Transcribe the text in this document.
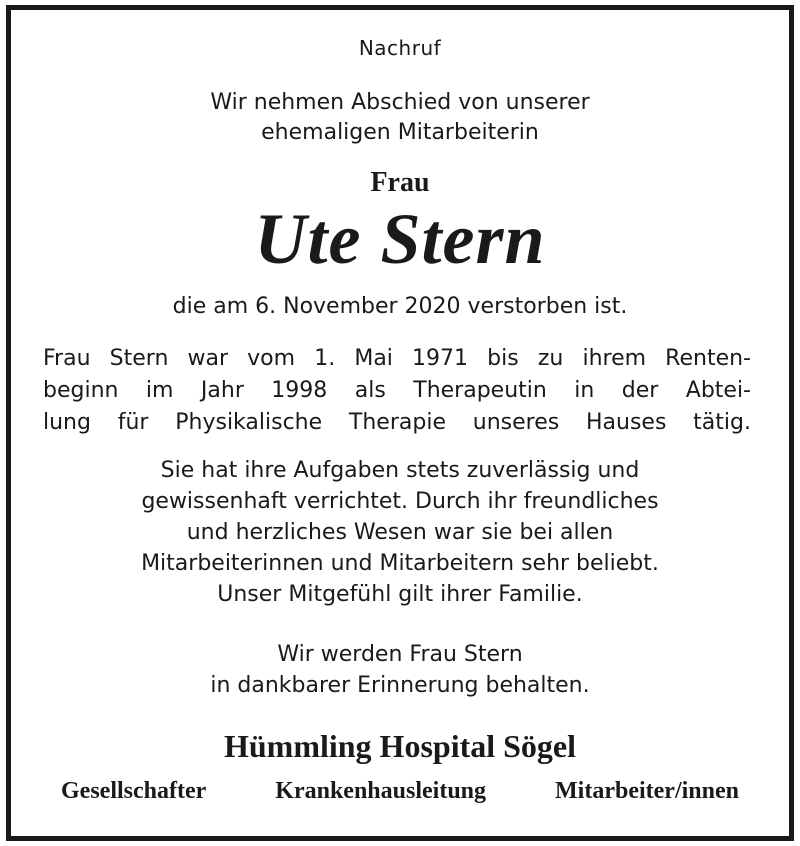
Nachruf
Wir nehmen Abschied von unserer
ehemaligen Mitarbeiterin
Frau
Ute Stern
die am 6. November 2020 verstorben ist.
Frau Stern war vom 1. Mai 1971 bis zu ihrem Renten-
beginn im Jahr 1998 als Therapeutin in der Abtei-
lung für Physikalische Therapie unseres Hauses tätig.
Sie hat ihre Aufgaben stets zuverlässig und
gewissenhaft verrichtet. Durch ihr freundliches
und herzliches Wesen war sie bei allen
Mitarbeiterinnen und Mitarbeitern sehr beliebt.
Unser Mitgefühl gilt ihrer Familie.
Wir werden Frau Stern
in dankbarer Erinnerung behalten.
Hümmling Hospital Sögel
Gesellschafter	Krankenhausleitung	Mitarbeiter/innen
